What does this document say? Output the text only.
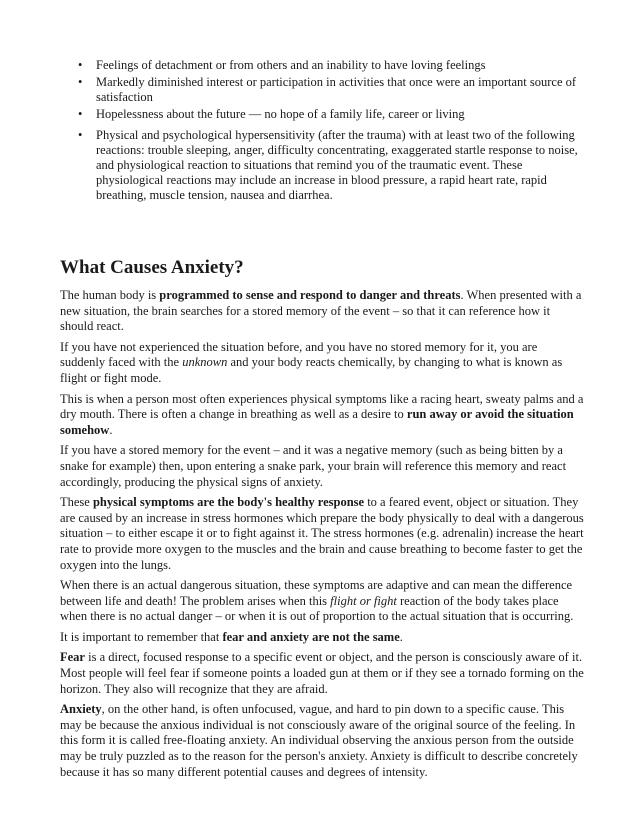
• Feelings of detachment or from others and an inability to have loving feelings
• Markedly diminished interest or participation in activities that once were an important source of satisfaction
• Hopelessness about the future — no hope of a family life, career or living
• Physical and psychological hypersensitivity (after the trauma) with at least two of the following reactions: trouble sleeping, anger, difficulty concentrating, exaggerated startle response to noise, and physiological reaction to situations that remind you of the traumatic event. These physiological reactions may include an increase in blood pressure, a rapid heart rate, rapid breathing, muscle tension, nausea and diarrhea.
What Causes Anxiety?

The human body is programmed to sense and respond to danger and threats. When presented with a new situation, the brain searches for a stored memory of the event – so that it can reference how it should react.

If you have not experienced the situation before, and you have no stored memory for it, you are suddenly faced with the unknown and your body reacts chemically, by changing to what is known as flight or fight mode.

This is when a person most often experiences physical symptoms like a racing heart, sweaty palms and a dry mouth. There is often a change in breathing as well as a desire to run away or avoid the situation somehow.

If you have a stored memory for the event – and it was a negative memory (such as being bitten by a snake for example) then, upon entering a snake park, your brain will reference this memory and react accordingly, producing the physical signs of anxiety.

These physical symptoms are the body's healthy response to a feared event, object or situation. They are caused by an increase in stress hormones which prepare the body physically to deal with a dangerous situation – to either escape it or to fight against it. The stress hormones (e.g. adrenalin) increase the heart rate to provide more oxygen to the muscles and the brain and cause breathing to become faster to get the oxygen into the lungs.

When there is an actual dangerous situation, these symptoms are adaptive and can mean the difference between life and death! The problem arises when this flight or fight reaction of the body takes place when there is no actual danger – or when it is out of proportion to the actual situation that is occurring.

It is important to remember that fear and anxiety are not the same.

Fear is a direct, focused response to a specific event or object, and the person is consciously aware of it. Most people will feel fear if someone points a loaded gun at them or if they see a tornado forming on the horizon. They also will recognize that they are afraid.

Anxiety, on the other hand, is often unfocused, vague, and hard to pin down to a specific cause. This may be because the anxious individual is not consciously aware of the original source of the feeling. In this form it is called free-floating anxiety. An individual observing the anxious person from the outside may be truly puzzled as to the reason for the person's anxiety. Anxiety is difficult to describe concretely because it has so many different potential causes and degrees of intensity.
